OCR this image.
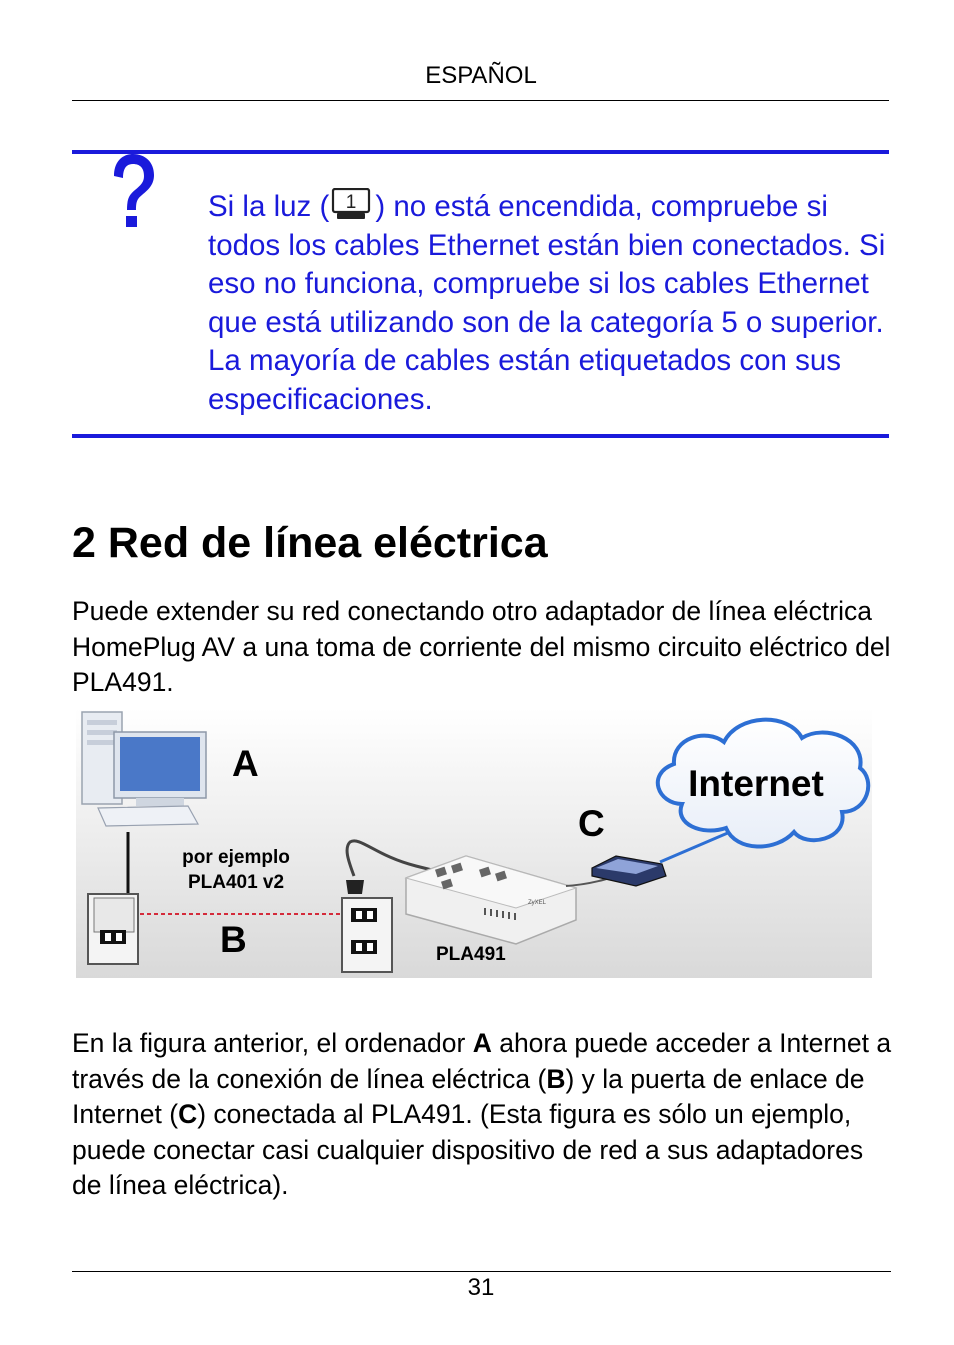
ESPAÑOL
Si la luz ( 1 ) no está encendida, compruebe si todos los cables Ethernet están bien conectados. Si eso no funciona, compruebe si los cables Ethernet que está utilizando son de la categoría 5 o superior. La mayoría de cables están etiquetados con sus especificaciones.
2 Red de línea eléctrica
Puede extender su red conectando otro adaptador de línea eléctrica HomePlug AV a una toma de corriente del mismo circuito eléctrico del PLA491.
ZyXEL
Internet
A
C
B
por ejemplo
PLA401 v2
PLA491
En la figura anterior, el ordenador A ahora puede acceder a Internet a través de la conexión de línea eléctrica (B) y la puerta de enlace de Internet (C) conectada al PLA491. (Esta figura es sólo un ejemplo, puede conectar casi cualquier dispositivo de red a sus adaptadores de línea eléctrica).
31
